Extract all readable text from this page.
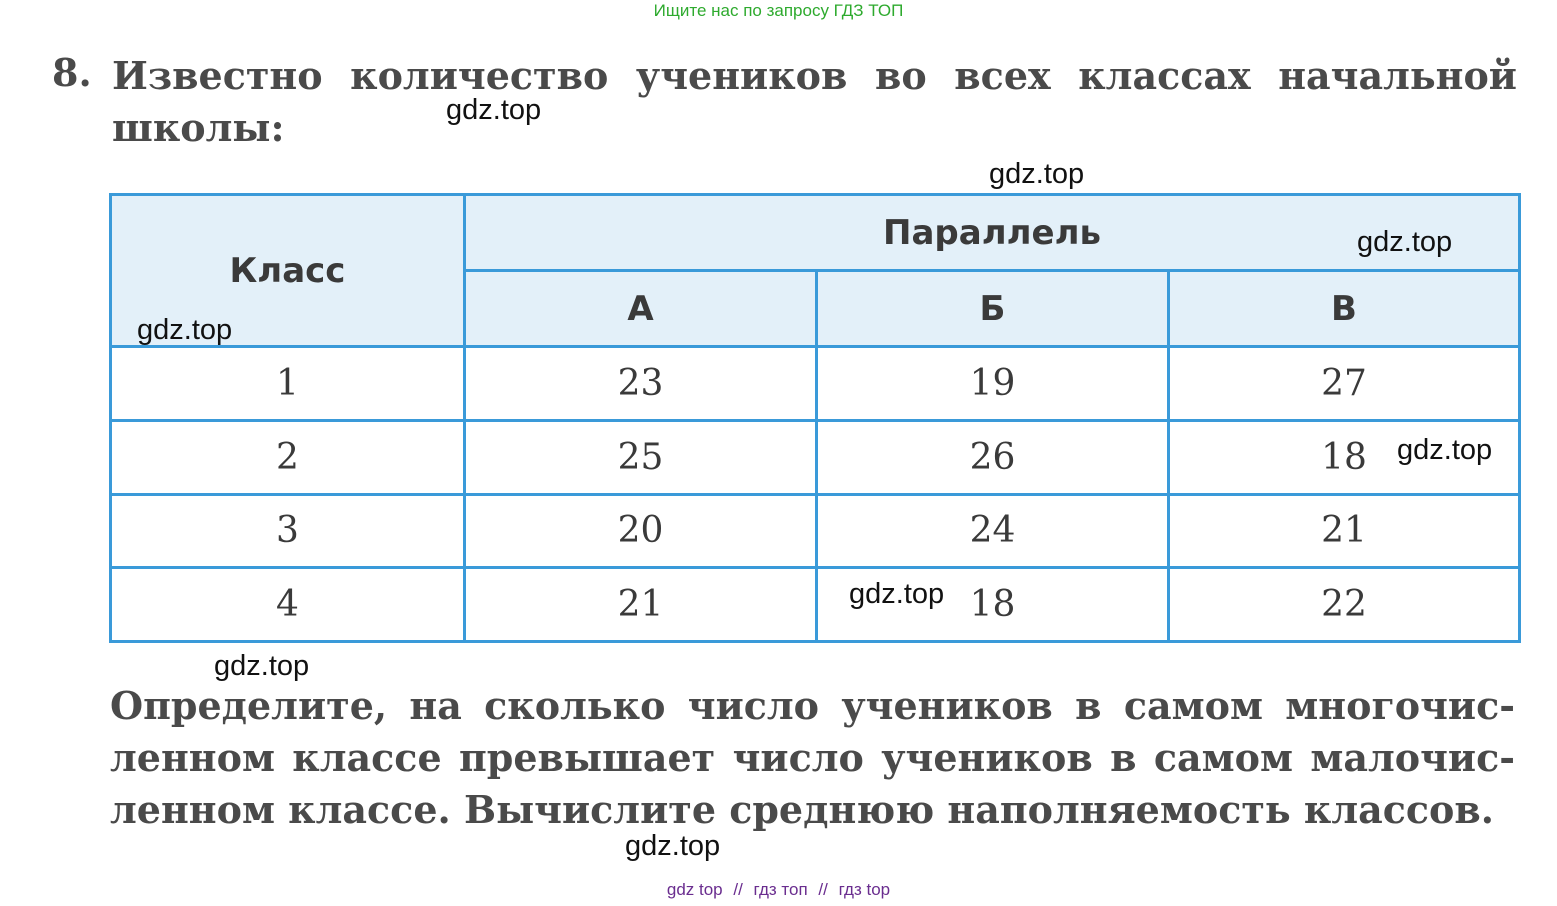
Ищите нас по запросу ГДЗ ТОП
8. Известно количество учеников во всех классах начальной школы:
Класс	Параллель		
	А	Б	В
1	23	19	27
2	25	26	18
3	20	24	21
4	21	18	22
Определите, на сколько число учеников в самом многочис-
ленном классе превышает число учеников в самом малочис-
ленном классе. Вычислите среднюю наполняемость классов.
gdz.top
gdz.top
gdz.top
gdz.top
gdz.top
gdz.top
gdz.top
gdz.top
gdz top // гдз топ // гдз top
